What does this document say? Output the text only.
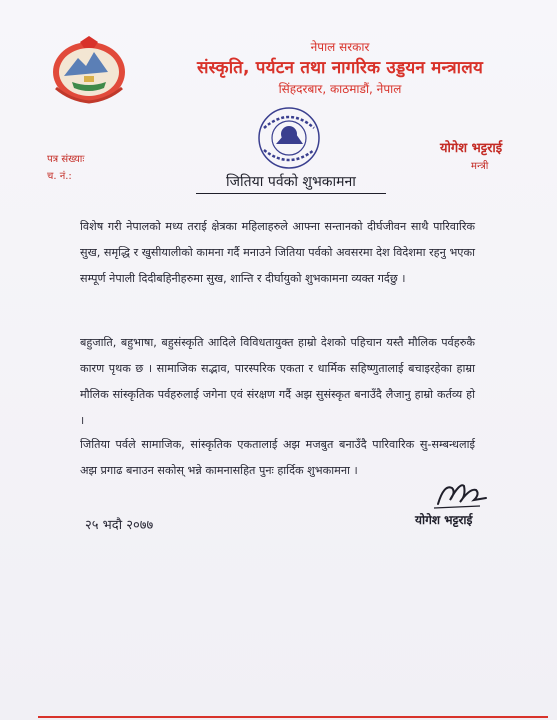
नेपाल सरकार
संस्कृति, पर्यटन तथा नागरिक उड्डयन मन्त्रालय
सिंहदरबार, काठमाडौं, नेपाल
योगेश भट्टराई
मन्त्री
पत्र संख्याः
च. नं.:	जितिया पर्वको शुभकामना
विशेष गरी नेपालको मध्य तराई क्षेत्रका महिलाहरुले आफ्ना सन्तानको दीर्घजीवन साथै पारिवारिक सुख, समृद्धि र खुसीयालीको कामना गर्दै मनाउने जितिया पर्वको अवसरमा देश विदेशमा रहनु भएका सम्पूर्ण नेपाली दिदीबहिनीहरुमा सुख, शान्ति र दीर्घायुको शुभकामना व्यक्त गर्दछु ।
बहुजाति, बहुभाषा, बहुसंस्कृति आदिले विविधतायुक्त हाम्रो देशको पहिचान यस्तै मौलिक पर्वहरुकै कारण पृथक छ । सामाजिक सद्भाव, पारस्परिक एकता र धार्मिक सहिष्णुतालाई बचाइरहेका हाम्रा मौलिक सांस्कृतिक पर्वहरुलाई जगेना एवं संरक्षण गर्दै अझ सुसंस्कृत बनाउँदै लैजानु हाम्रो कर्तव्य हो ।
जितिया पर्वले सामाजिक, सांस्कृतिक एकतालाई अझ मजबुत बनाउँदै पारिवारिक सु-सम्बन्धलाई अझ प्रगाढ बनाउन सकोस् भन्ने कामनासहित पुनः हार्दिक शुभकामना ।
२५ भदौ २०७७	योगेश भट्टराई
